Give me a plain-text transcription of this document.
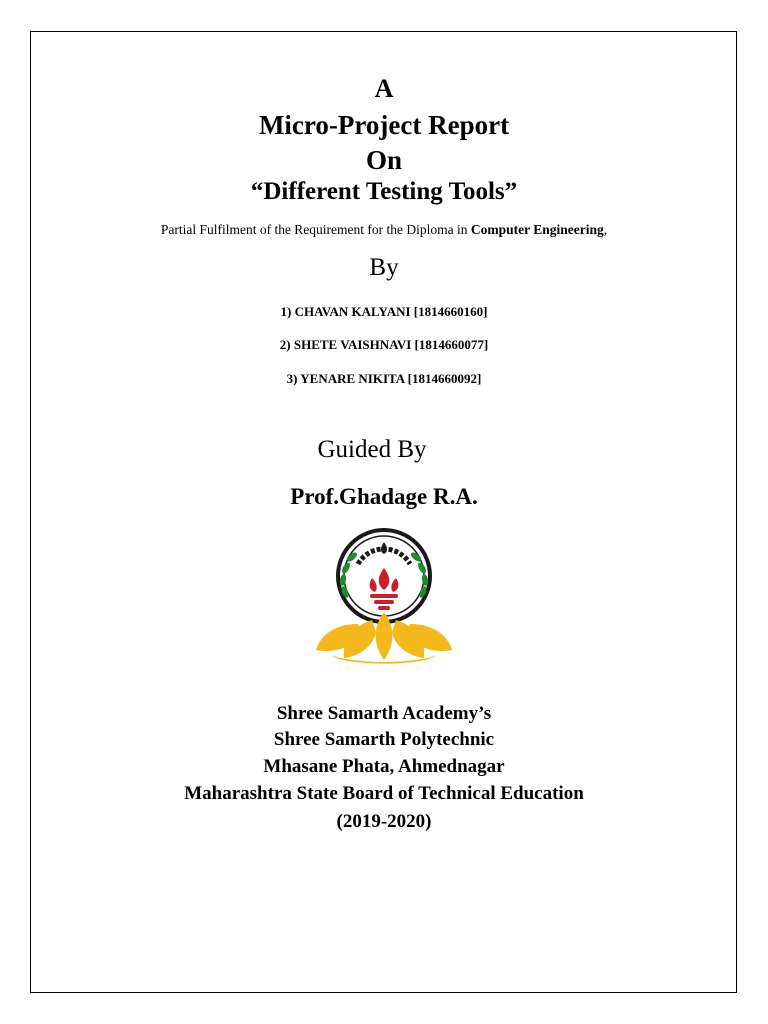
A
Micro-Project Report
On
“Different Testing Tools”
Partial Fulfilment of the Requirement for the Diploma in Computer Engineering,
By
1) CHAVAN KALYANI [1814660160]
2) SHETE VAISHNAVI [1814660077]
3) YENARE NIKITA [1814660092]
Guided By
Prof.Ghadage R.A.
Shree Samarth Academy’s
Shree Samarth Polytechnic
Mhasane Phata, Ahmednagar
Maharashtra State Board of Technical Education
(2019-2020)
